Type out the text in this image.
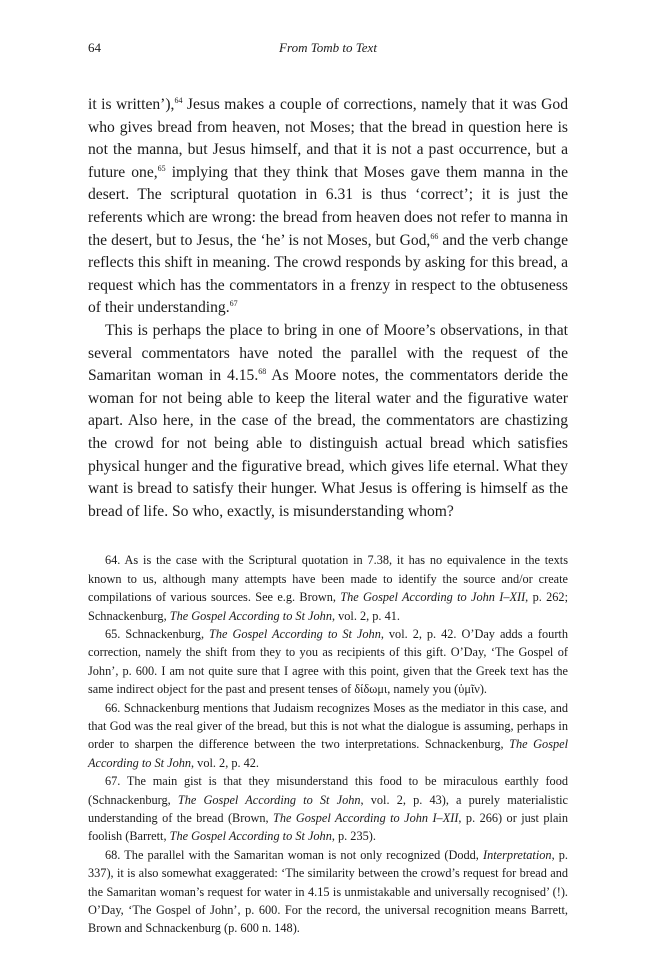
64	From Tomb to Text

it is written’),$^{64}$ Jesus makes a couple of corrections, namely that it was God who gives bread from heaven, not Moses; that the bread in question here is not the manna, but Jesus himself, and that it is not a past occurrence, but a future one,$^{65}$ implying that they think that Moses gave them manna in the desert. The scriptural quotation in 6.31 is thus ‘correct’; it is just the referents which are wrong: the bread from heaven does not refer to manna in the desert, but to Jesus, the ‘he’ is not Moses, but God,$^{66}$ and the verb change reflects this shift in meaning. The crowd responds by asking for this bread, a request which has the commentators in a frenzy in respect to the obtuseness of their understanding.$^{67}$

This is perhaps the place to bring in one of Moore’s observations, in that several commentators have noted the parallel with the request of the Samaritan woman in 4.15.68 As Moore notes, the commentators deride the woman for not being able to keep the literal water and the figurative water apart. Also here, in the case of the bread, the commentators are chastizing the crowd for not being able to distinguish actual bread which satisfies physical hunger and the figurative bread, which gives life eternal. What they want is bread to satisfy their hunger. What Jesus is offering is himself as the bread of life. So who, exactly, is misunderstanding whom?

64. As is the case with the Scriptural quotation in 7.38, it has no equivalence in the texts known to us, although many attempts have been made to identify the source and/or create compilations of various sources. See e.g. Brown, The Gospel According to John I–XII, p. 262; Schnackenburg, The Gospel According to St John, vol. 2, p. 41.

65. Schnackenburg, The Gospel According to St John, vol. 2, p. 42. O’Day adds a fourth correction, namely the shift from they to you as recipients of this gift. O’Day, ‘The Gospel of John’, p. 600. I am not quite sure that I agree with this point, given that the Greek text has the same indirect object for the past and present tenses of δίδωμι, namely you (ὑμῖν).

66. Schnackenburg mentions that Judaism recognizes Moses as the mediator in this case, and that God was the real giver of the bread, but this is not what the dialogue is assuming, perhaps in order to sharpen the difference between the two interpretations. Schnackenburg, The Gospel According to St John, vol. 2, p. 42.

67. The main gist is that they misunderstand this food to be miraculous earthly food (Schnackenburg, The Gospel According to St John, vol. 2, p. 43), a purely materialistic understanding of the bread (Brown, The Gospel According to John I–XII, p. 266) or just plain foolish (Barrett, The Gospel According to St John, p. 235).

68. The parallel with the Samaritan woman is not only recognized (Dodd, Interpretation, p. 337), it is also somewhat exaggerated: ‘The similarity between the crowd’s request for bread and the Samaritan woman’s request for water in 4.15 is unmistakable and universally recognised’ (!). O’Day, ‘The Gospel of John’, p. 600. For the record, the universal recognition means Barrett, Brown and Schnackenburg (p. 600 n. 148).
